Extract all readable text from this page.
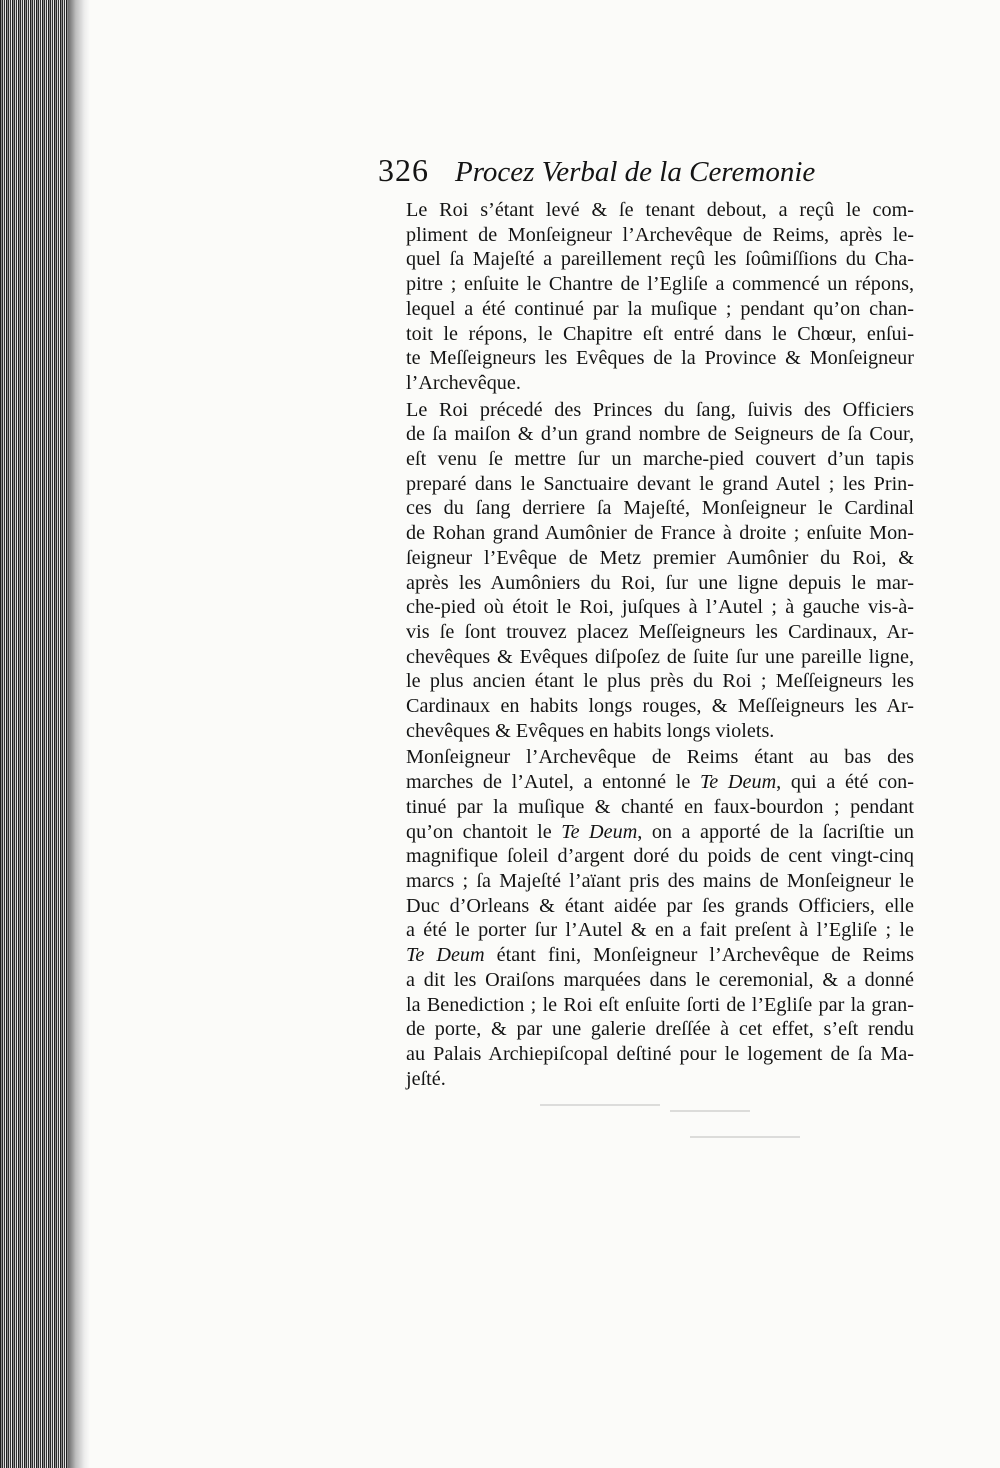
326 Procez Verbal de la Ceremonie

Le Roi s’étant levé & ſe tenant debout, a reçû le com-
pliment de Monſeigneur l’Archevêque de Reims, après le-
quel ſa Majeſté a pareillement reçû les ſoûmiſſions du Cha-
pitre ; enſuite le Chantre de l’Egliſe a commencé un répons,
lequel a été continué par la muſique ; pendant qu’on chan-
toit le répons, le Chapitre eſt entré dans le Chœur, enſui-
te Meſſeigneurs les Evêques de la Province & Monſeigneur
l’Archevêque.

Le Roi précedé des Princes du ſang, ſuivis des Officiers
de ſa maiſon & d’un grand nombre de Seigneurs de ſa Cour,
eſt venu ſe mettre ſur un marche-pied couvert d’un tapis
preparé dans le Sanctuaire devant le grand Autel ; les Prin-
ces du ſang derriere ſa Majeſté, Monſeigneur le Cardinal
de Rohan grand Aumônier de France à droite ; enſuite Mon-
ſeigneur l’Evêque de Metz premier Aumônier du Roi, &
après les Aumôniers du Roi, ſur une ligne depuis le mar-
che-pied où étoit le Roi, juſques à l’Autel ; à gauche vis-à-
vis ſe ſont trouvez placez Meſſeigneurs les Cardinaux, Ar-
chevêques & Evêques diſpoſez de ſuite ſur une pareille ligne,
le plus ancien étant le plus près du Roi ; Meſſeigneurs les
Cardinaux en habits longs rouges, & Meſſeigneurs les Ar-
chevêques & Evêques en habits longs violets.

Monſeigneur l’Archevêque de Reims étant au bas des
marches de l’Autel, a entonné le Te Deum, qui a été con-
tinué par la muſique & chanté en faux-bourdon ; pendant
qu’on chantoit le Te Deum, on a apporté de la ſacriſtie un
magnifique ſoleil d’argent doré du poids de cent vingt-cinq
marcs ; ſa Majeſté l’aïant pris des mains de Monſeigneur le
Duc d’Orleans & étant aidée par ſes grands Officiers, elle
a été le porter ſur l’Autel & en a fait preſent à l’Egliſe ; le
Te Deum étant fini, Monſeigneur l’Archevêque de Reims
a dit les Oraiſons marquées dans le ceremonial, & a donné
la Benediction ; le Roi eſt enſuite ſorti de l’Egliſe par la gran-
de porte, & par une galerie dreſſée à cet effet, s’eſt rendu
au Palais Archiepiſcopal deſtiné pour le logement de ſa Ma-
jeſté.
